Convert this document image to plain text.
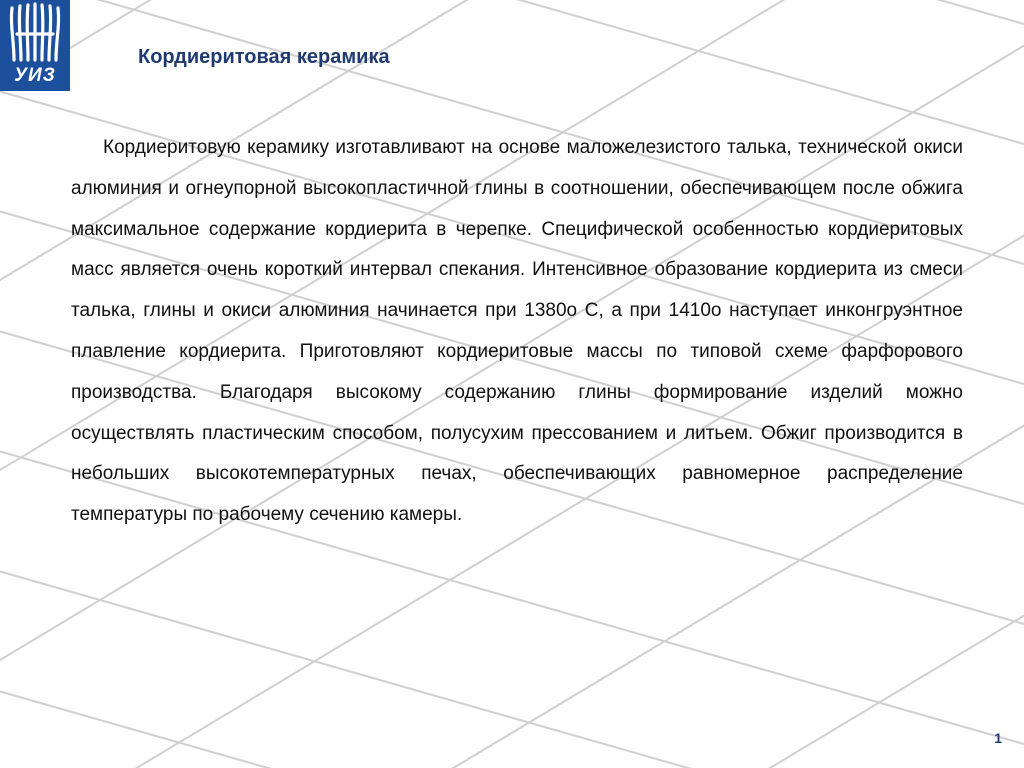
УИЗ
Кордиеритовая керамика

Кордиеритовую керамику изготавливают на основе маложелезистого талька, технической окиси алюминия и огнеупорной высокопластичной глины в соотношении, обеспечивающем после обжига максимальное содержание кордиерита в черепке. Специфической особенностью кордиеритовых масс является очень короткий интервал спекания. Интенсивное образование кордиерита из смеси талька, глины и окиси алюминия начинается при 1380о С, а при 1410о наступает инконгруэнтное плавление кордиерита. Приготовляют кордиеритовые массы по типовой схеме фарфорового производства. Благодаря высокому содержанию глины формирование изделий можно осуществлять пластическим способом, полусухим прессованием и литьем. Обжиг производится в небольших высокотемпературных печах, обеспечивающих равномерное распределение температуры по рабочему сечению камеры.

1
